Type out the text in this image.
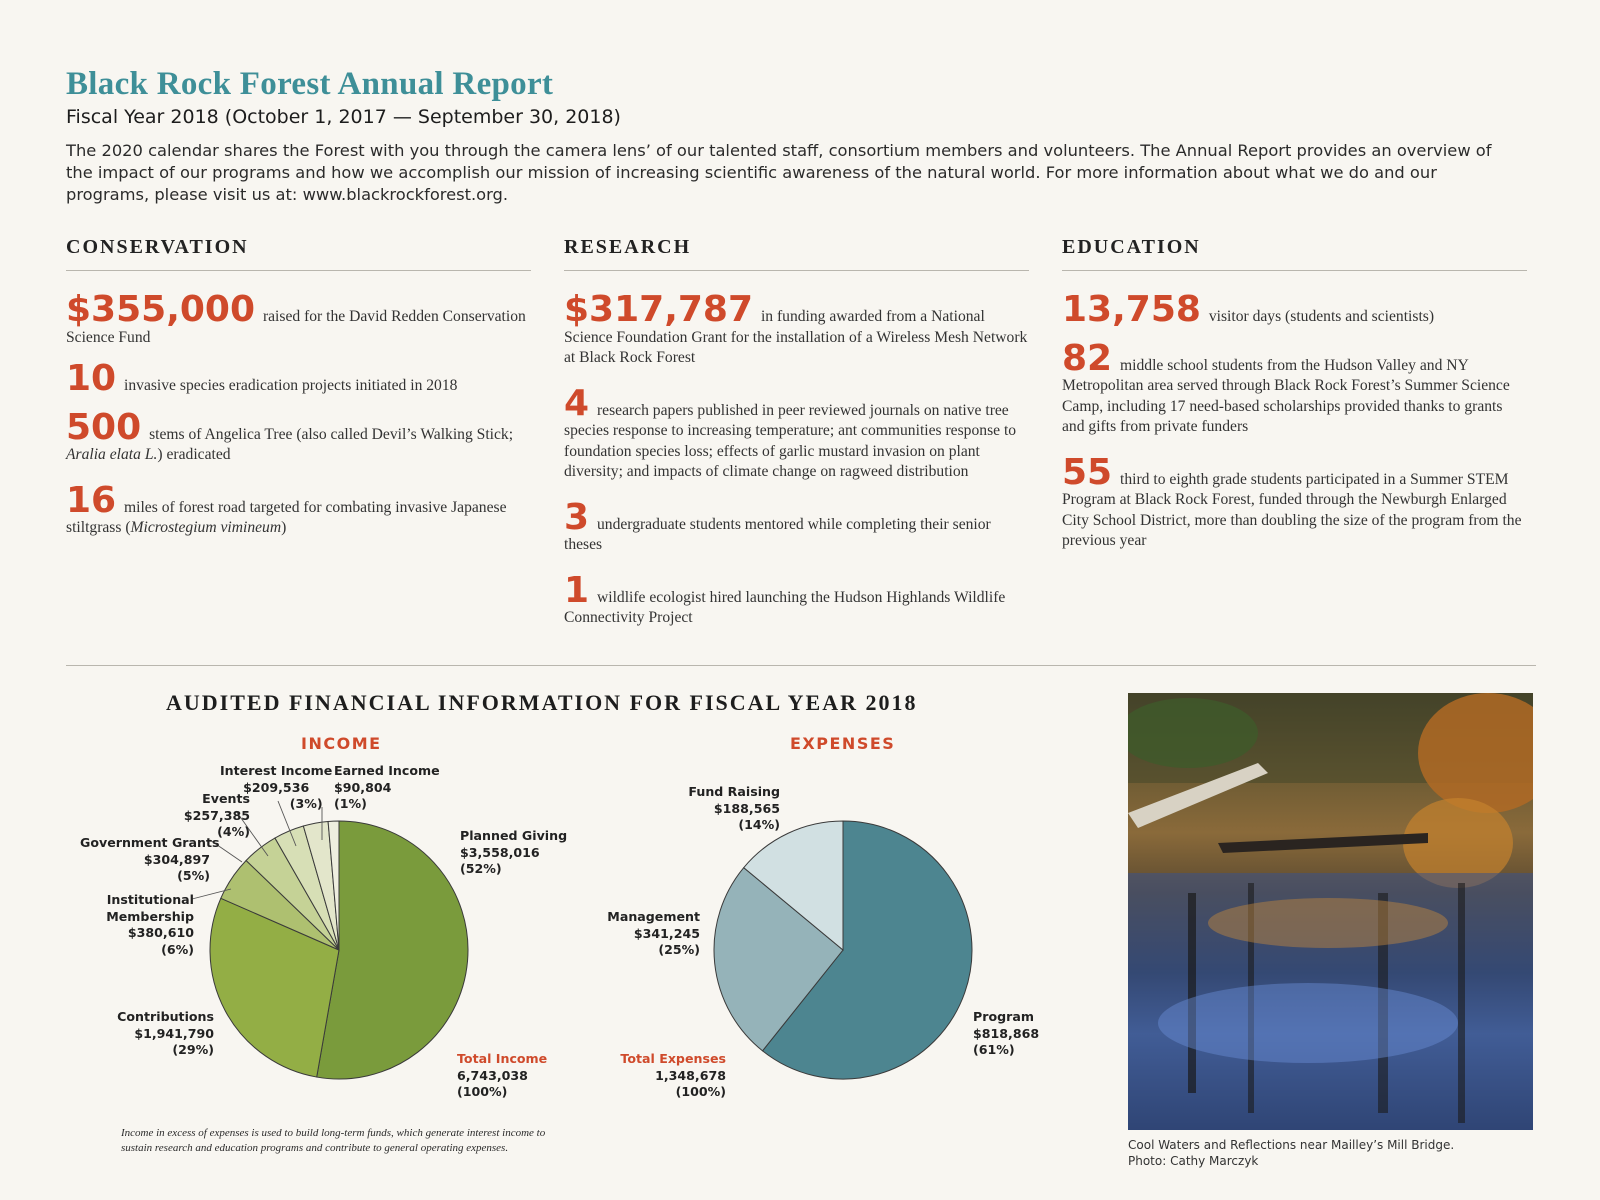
Black Rock Forest Annual Report
Fiscal Year 2018 (October 1, 2017 — September 30, 2018)
The 2020 calendar shares the Forest with you through the camera lens’ of our talented staff, consortium members and volunteers. The Annual Report provides an overview of the impact of our programs and how we accomplish our mission of increasing scientific awareness of the natural world. For more information about what we do and our programs, please visit us at: www.blackrockforest.org.
CONSERVATION
$355,000 raised for the David Redden Conservation Science Fund
10 invasive species eradication projects initiated in 2018
500 stems of Angelica Tree (also called Devil’s Walking Stick; Aralia elata L.) eradicated
16 miles of forest road targeted for combating invasive Japanese stiltgrass (Microstegium vimineum)
RESEARCH
$317,787 in funding awarded from a National Science Foundation Grant for the installation of a Wireless Mesh Network at Black Rock Forest
4 research papers published in peer reviewed journals on native tree species response to increasing temperature; ant communities response to foundation species loss; effects of garlic mustard invasion on plant diversity; and impacts of climate change on ragweed distribution
3 undergraduate students mentored while completing their senior theses
1 wildlife ecologist hired launching the Hudson Highlands Wildlife Connectivity Project
EDUCATION
13,758 visitor days (students and scientists)
82 middle school students from the Hudson Valley and NY Metropolitan area served through Black Rock Forest’s Summer Science Camp, including 17 need-based scholarships provided thanks to grants and gifts from private funders
55 third to eighth grade students participated in a Summer STEM Program at Black Rock Forest, funded through the Newburgh Enlarged City School District, more than doubling the size of the program from the previous year
AUDITED FINANCIAL INFORMATION FOR FISCAL YEAR 2018
INCOME	EXPENSES
Interest Income
$209,536
(3%)
Earned Income
$90,804
(1%)
Events
$257,385
(4%)
Government Grants
$304,897
(5%)
Institutional
Membership
$380,610
(6%)
Contributions
$1,941,790
(29%)
Planned Giving
$3,558,016
(52%)
Total Income
6,743,038
(100%)
Fund Raising
$188,565
(14%)
Management
$341,245
(25%)
Program
$818,868
(61%)
Total Expenses
1,348,678
(100%)
Income in excess of expenses is used to build long-term funds, which generate interest income to sustain research and education programs and contribute to general operating expenses.	Cool Waters and Reflections near Mailley’s Mill Bridge.
Photo: Cathy Marczyk
